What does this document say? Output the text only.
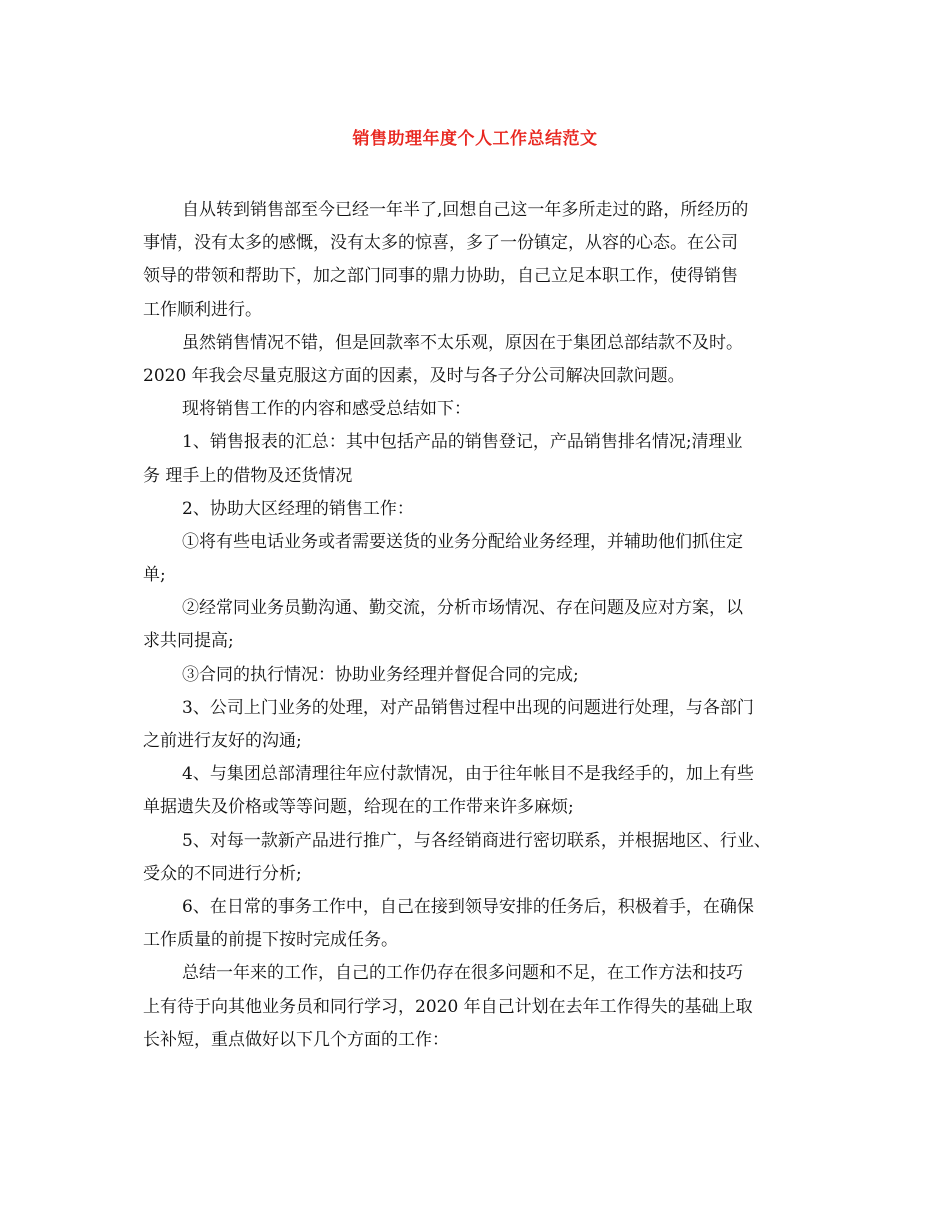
销售助理年度个人工作总结范文
自从转到销售部至今已经一年半了,回想自己这一年多所走过的路，所经历的
事情，没有太多的感慨，没有太多的惊喜，多了一份镇定，从容的心态。在公司
领导的带领和帮助下，加之部门同事的鼎力协助，自己立足本职工作，使得销售
工作顺利进行。
虽然销售情况不错，但是回款率不太乐观，原因在于集团总部结款不及时。
2020 年我会尽量克服这方面的因素，及时与各子分公司解决回款问题。
现将销售工作的内容和感受总结如下：
1、销售报表的汇总：其中包括产品的销售登记，产品销售排名情况;清理业
务 理手上的借物及还货情况
2、协助大区经理的销售工作：
①将有些电话业务或者需要送货的业务分配给业务经理，并辅助他们抓住定
单;
②经常同业务员勤沟通、勤交流，分析市场情况、存在问题及应对方案，以
求共同提高;
③合同的执行情况：协助业务经理并督促合同的完成;
3、公司上门业务的处理，对产品销售过程中出现的问题进行处理，与各部门
之前进行友好的沟通;
4、与集团总部清理往年应付款情况，由于往年帐目不是我经手的，加上有些
单据遗失及价格或等等问题，给现在的工作带来许多麻烦;
5、对每一款新产品进行推广，与各经销商进行密切联系，并根据地区、行业、
受众的不同进行分析;
6、在日常的事务工作中，自己在接到领导安排的任务后，积极着手，在确保
工作质量的前提下按时完成任务。
总结一年来的工作，自己的工作仍存在很多问题和不足，在工作方法和技巧
上有待于向其他业务员和同行学习，2020 年自己计划在去年工作得失的基础上取
长补短，重点做好以下几个方面的工作：
